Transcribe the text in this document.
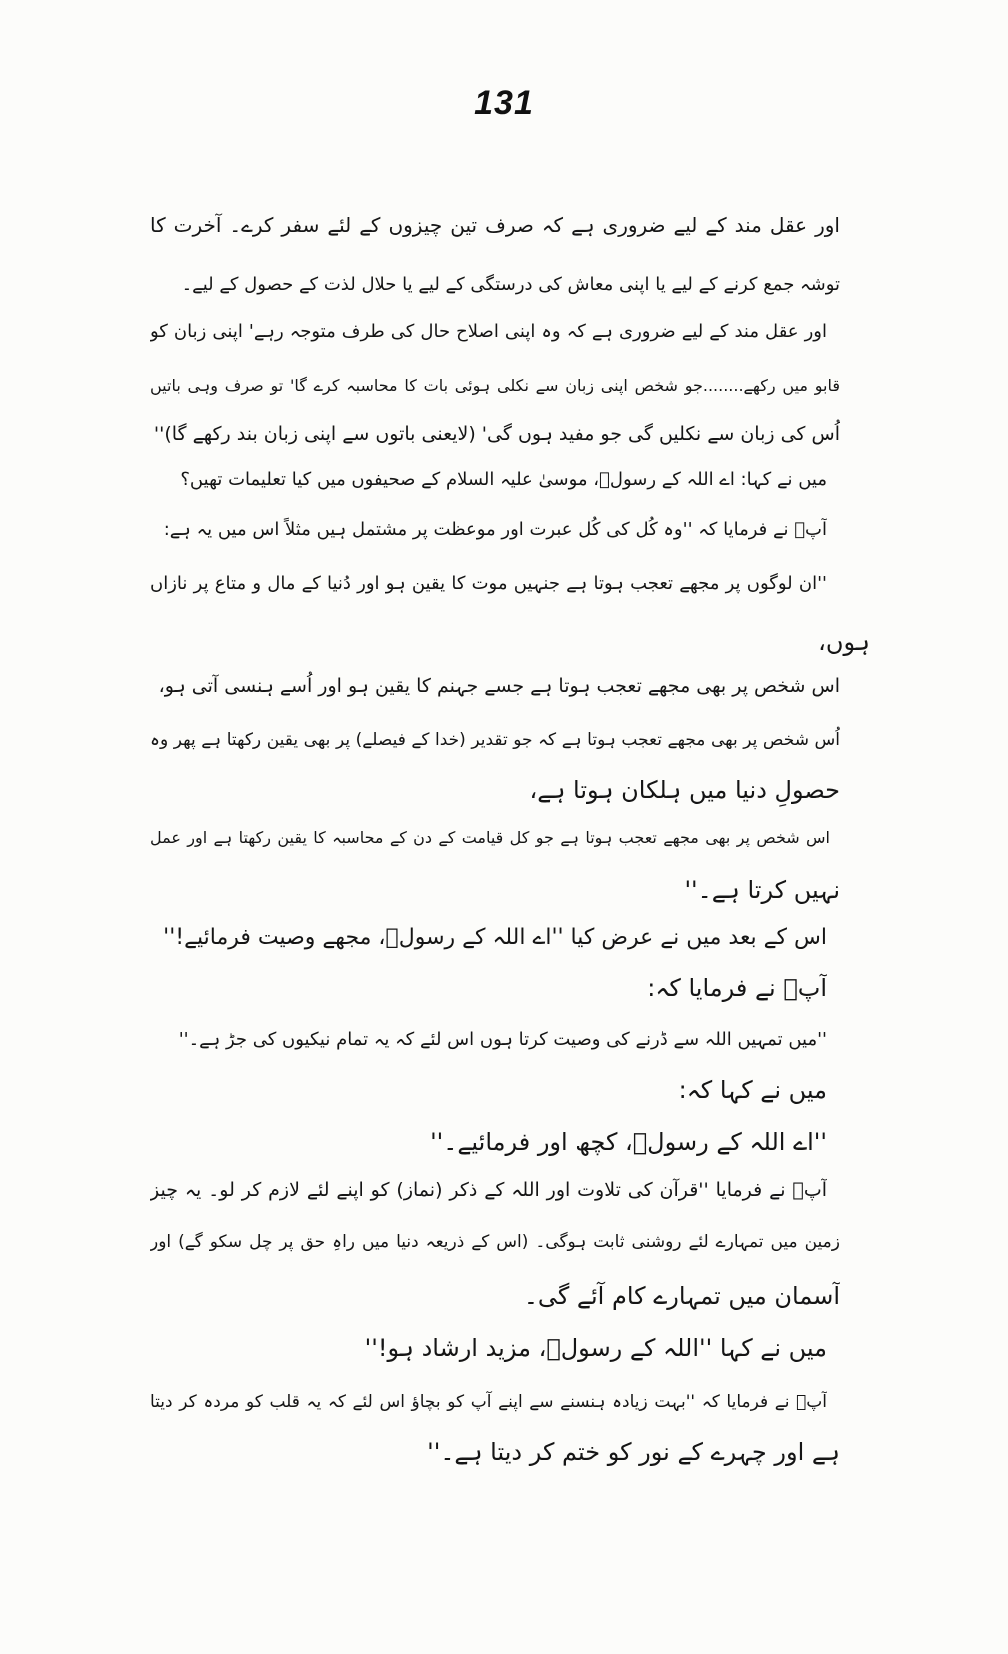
131
اور عقل مند کے لیے ضروری ہے کہ صرف تین چیزوں کے لئے سفر کرے۔ آخرت کا
توشہ جمع کرنے کے لیے یا اپنی معاش کی درستگی کے لیے یا حلال لذت کے حصول کے لیے۔
اور عقل مند کے لیے ضروری ہے کہ وہ اپنی اصلاح حال کی طرف متوجہ رہے' اپنی زبان کو
قابو میں رکھے........جو شخص اپنی زبان سے نکلی ہوئی بات کا محاسبہ کرے گا' تو صرف وہی باتیں
اُس کی زبان سے نکلیں گی جو مفید ہوں گی' (لایعنی باتوں سے اپنی زبان بند رکھے گا)''
میں نے کہا: اے اللہ کے رسولؐ، موسیٰ علیہ السلام کے صحیفوں میں کیا تعلیمات تھیں؟
آپؐ نے فرمایا کہ ''وہ کُل کی کُل عبرت اور موعظت پر مشتمل ہیں مثلاً اس میں یہ ہے:
''ان لوگوں پر مجھے تعجب ہوتا ہے جنہیں موت کا یقین ہو اور دُنیا کے مال و متاع پر نازاں
ہوں،
اس شخص پر بھی مجھے تعجب ہوتا ہے جسے جہنم کا یقین ہو اور اُسے ہنسی آتی ہو،
اُس شخص پر بھی مجھے تعجب ہوتا ہے کہ جو تقدیر (خدا کے فیصلے) پر بھی یقین رکھتا ہے پھر وہ
حصولِ دنیا میں ہلکان ہوتا ہے،
اس شخص پر بھی مجھے تعجب ہوتا ہے جو کل قیامت کے دن کے محاسبہ کا یقین رکھتا ہے اور عمل
نہیں کرتا ہے۔''
اس کے بعد میں نے عرض کیا ''اے اللہ کے رسولؐ، مجھے وصیت فرمائیے!''
آپؐ نے فرمایا کہ:
''میں تمہیں اللہ سے ڈرنے کی وصیت کرتا ہوں اس لئے کہ یہ تمام نیکیوں کی جڑ ہے۔''
میں نے کہا کہ:
''اے اللہ کے رسولؐ، کچھ اور فرمائیے۔''
آپؐ نے فرمایا ''قرآن کی تلاوت اور اللہ کے ذکر (نماز) کو اپنے لئے لازم کر لو۔ یہ چیز
زمین میں تمہارے لئے روشنی ثابت ہوگی۔ (اس کے ذریعہ دنیا میں راہِ حق پر چل سکو گے) اور
آسمان میں تمہارے کام آئے گی۔
میں نے کہا ''اللہ کے رسولؐ، مزید ارشاد ہو!''
آپؐ نے فرمایا کہ ''بہت زیادہ ہنسنے سے اپنے آپ کو بچاؤ اس لئے کہ یہ قلب کو مردہ کر دیتا
ہے اور چہرے کے نور کو ختم کر دیتا ہے۔''
